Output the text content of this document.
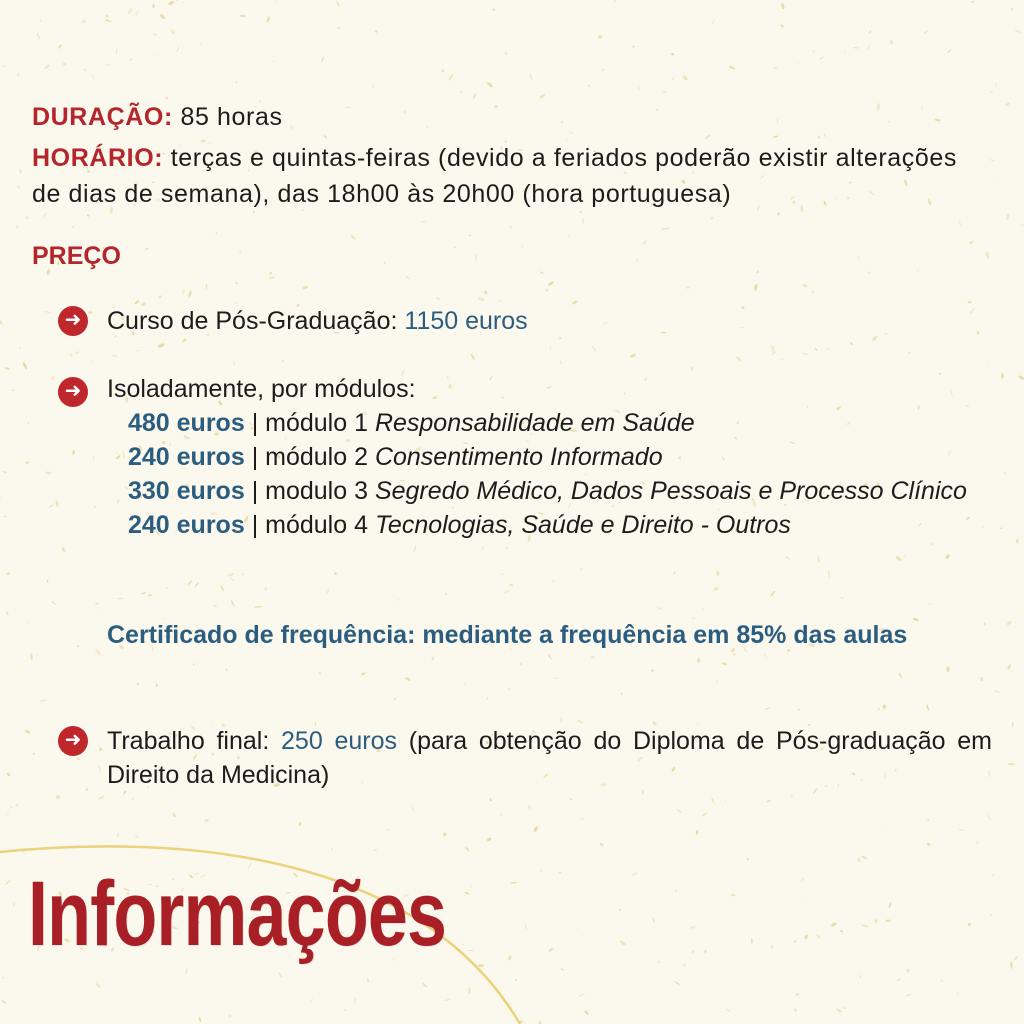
DURAÇÃO: 85 horas
HORÁRIO: terças e quintas-feiras (devido a feriados poderão existir alterações de dias de semana), das 18h00 às 20h00 (hora portuguesa)
PREÇO
➜ Curso de Pós-Graduação: 1150 euros
➜ Isoladamente, por módulos:
480 euros | módulo 1 Responsabilidade em Saúde
240 euros | módulo 2 Consentimento Informado
330 euros | modulo 3 Segredo Médico, Dados Pessoais e Processo Clínico
240 euros | módulo 4 Tecnologias, Saúde e Direito - Outros
Certificado de frequência: mediante a frequência em 85% das aulas
➜ Trabalho final: 250 euros (para obtenção do Diploma de Pós-graduação em Direito da Medicina)
Informações
